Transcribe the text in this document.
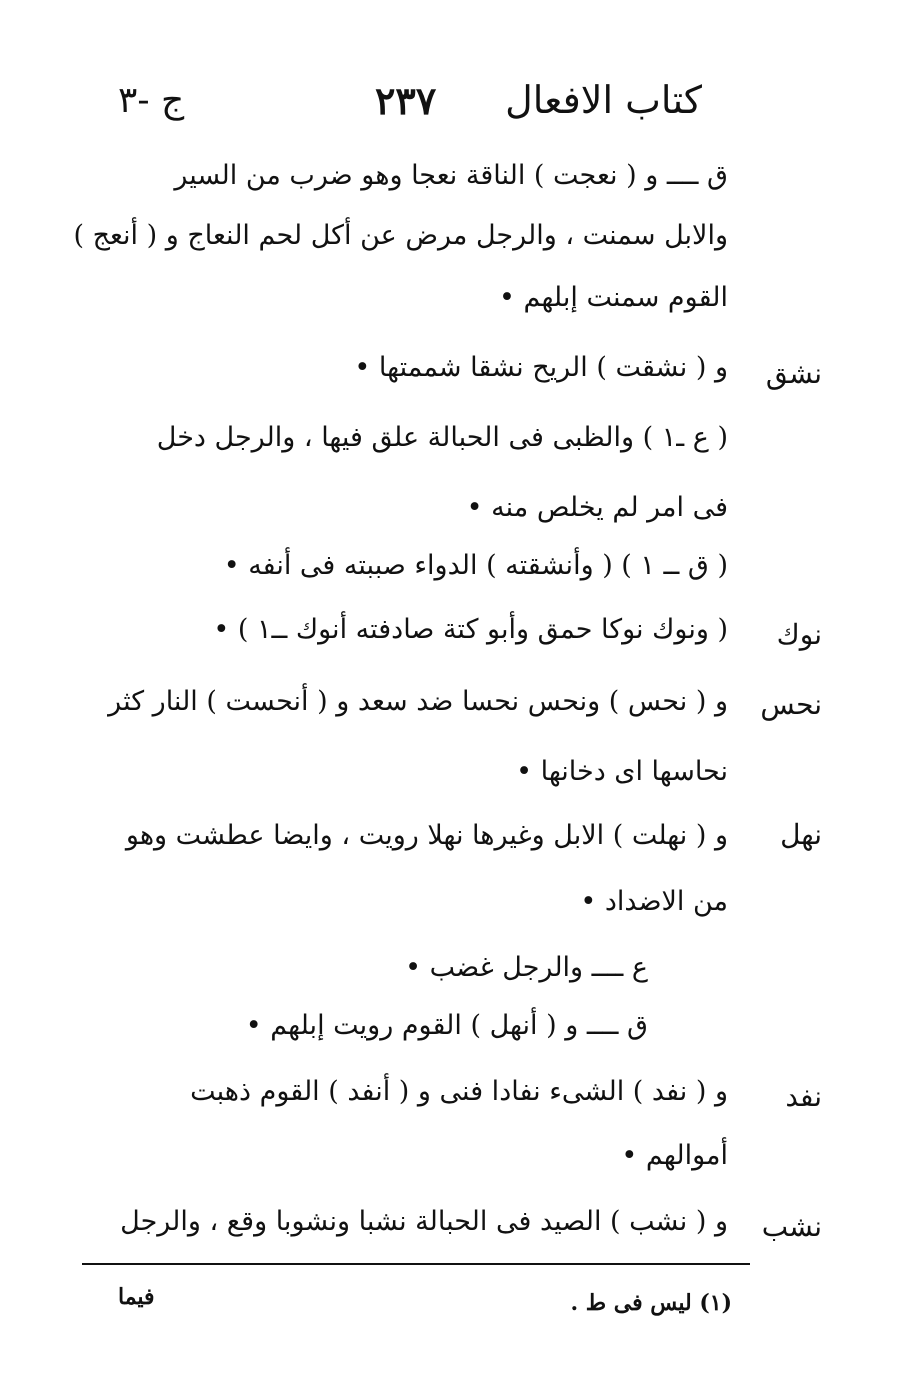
ج -٣	٢٣٧ كتاب الافعال
ق ــــ و ( نعجت ) الناقة نعجا وهو ضرب من السير
والابل سمنت ، والرجل مرض عن أكل لحم النعاج و ( أنعج )
القوم سمنت إبلهم •
نشق
و ( نشقت ) الريح نشقا شممتها •
( ع ـ١ ) والظبى فى الحبالة علق فيها ، والرجل دخل
فى امر لم يخلص منه •
( ق ــ ١ ) ( وأنشقته ) الدواء صببته فى أنفه •
نوك
( ونوك نوكا حمق وأبو كتة صادفته أنوك ــ١ ) •
نحس
و ( نحس ) ونحس نحسا ضد سعد و ( أنحست ) النار كثر
نحاسها اى دخانها •
نهل
و ( نهلت ) الابل وغيرها نهلا رويت ، وايضا عطشت وهو
من الاضداد •
ع ــــ والرجل غضب •
ق ــــ و ( أنهل ) القوم رويت إبلهم •
نفد
و ( نفد ) الشىء نفادا فنى و ( أنفد ) القوم ذهبت
أموالهم •
نشب
و ( نشب ) الصيد فى الحبالة نشبا ونشوبا وقع ، والرجل
(١) ليس فى ط .
فيما
